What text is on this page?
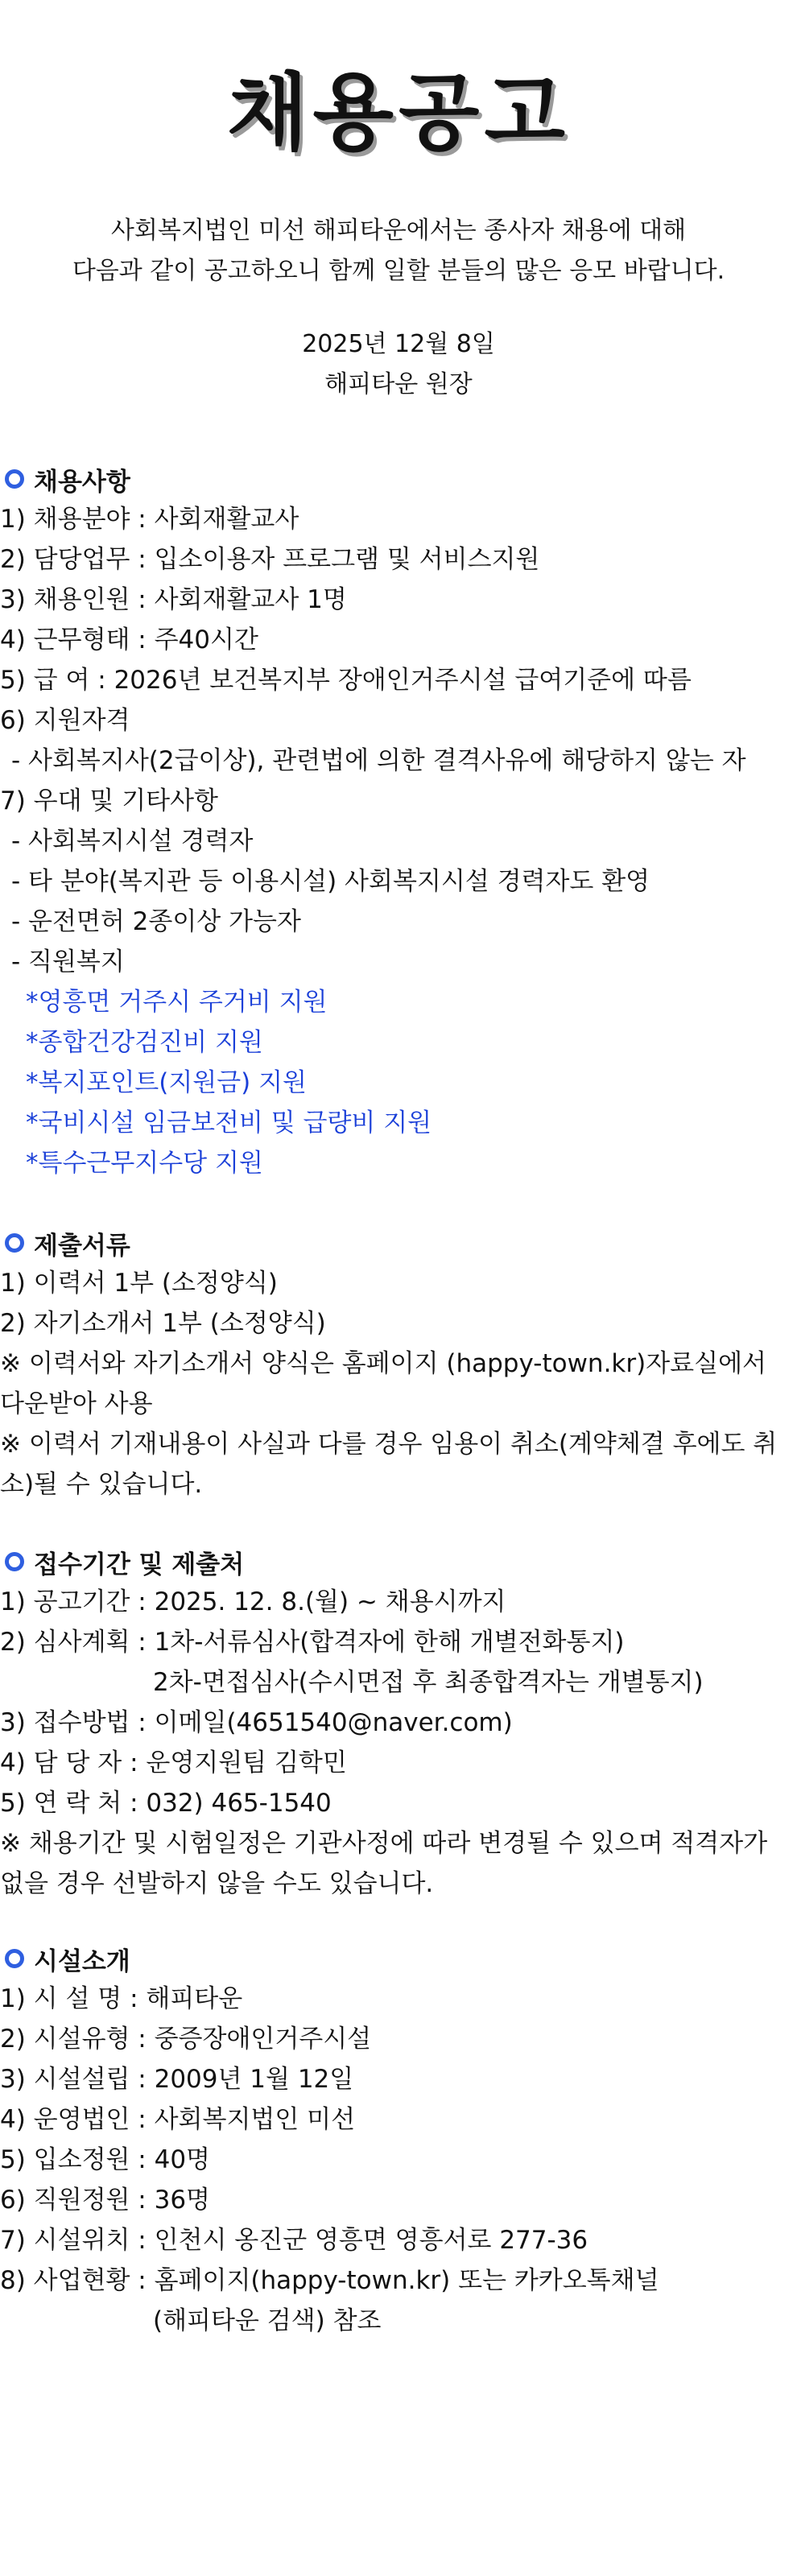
채용공고
사회복지법인 미선 해피타운에서는 종사자 채용에 대해
다음과 같이 공고하오니 함께 일할 분들의 많은 응모 바랍니다.
2025년 12월 8일
해피타운 원장
채용사항
1) 채용분야 : 사회재활교사
2) 담당업무 : 입소이용자 프로그램 및 서비스지원
3) 채용인원 : 사회재활교사 1명
4) 근무형태 : 주40시간
5) 급 여 : 2026년 보건복지부 장애인거주시설 급여기준에 따름
6) 지원자격
- 사회복지사(2급이상), 관련법에 의한 결격사유에 해당하지 않는 자
7) 우대 및 기타사항
- 사회복지시설 경력자
- 타 분야(복지관 등 이용시설) 사회복지시설 경력자도 환영
- 운전면허 2종이상 가능자
- 직원복지
*영흥면 거주시 주거비 지원
*종합건강검진비 지원
*복지포인트(지원금) 지원
*국비시설 임금보전비 및 급량비 지원
*특수근무지수당 지원
제출서류
1) 이력서 1부 (소정양식)
2) 자기소개서 1부 (소정양식)
※ 이력서와 자기소개서 양식은 홈페이지 (happy-town.kr)자료실에서 다운받아 사용
※ 이력서 기재내용이 사실과 다를 경우 임용이 취소(계약체결 후에도 취소)될 수 있습니다.
접수기간 및 제출처
1) 공고기간 : 2025. 12. 8.(월) ~ 채용시까지
2) 심사계획 : 1차-서류심사(합격자에 한해 개별전화통지)
2차-면접심사(수시면접 후 최종합격자는 개별통지)
3) 접수방법 : 이메일(4651540@naver.com)
4) 담 당 자 : 운영지원팀 김학민
5) 연 락 처 : 032) 465-1540
※ 채용기간 및 시험일정은 기관사정에 따라 변경될 수 있으며 적격자가 없을 경우 선발하지 않을 수도 있습니다.
시설소개
1) 시 설 명 : 해피타운
2) 시설유형 : 중증장애인거주시설
3) 시설설립 : 2009년 1월 12일
4) 운영법인 : 사회복지법인 미선
5) 입소정원 : 40명
6) 직원정원 : 36명
7) 시설위치 : 인천시 옹진군 영흥면 영흥서로 277-36
8) 사업현황 : 홈페이지(happy-town.kr) 또는 카카오톡채널
(해피타운 검색) 참조
